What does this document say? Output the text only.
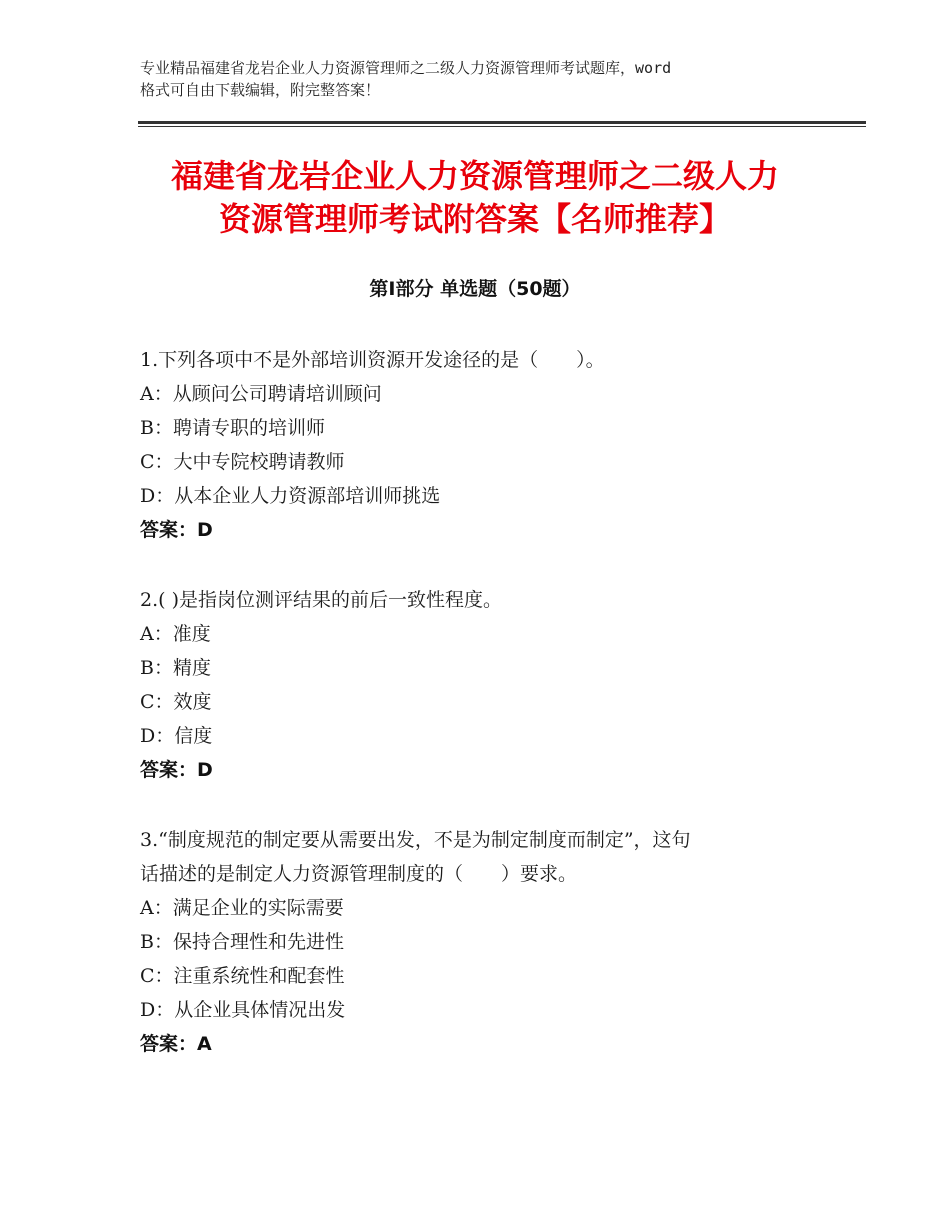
专业精品福建省龙岩企业人力资源管理师之二级人力资源管理师考试题库，word
格式可自由下载编辑，附完整答案！
福建省龙岩企业人力资源管理师之二级人力
资源管理师考试附答案【名师推荐】
第Ⅰ部分 单选题（50题）
1.下列各项中不是外部培训资源开发途径的是（　　）。
A：从顾问公司聘请培训顾问
B：聘请专职的培训师
C：大中专院校聘请教师
D：从本企业人力资源部培训师挑选
答案：D
2.( )是指岗位测评结果的前后一致性程度。
A：准度
B：精度
C：效度
D：信度
答案：D
3.“制度规范的制定要从需要出发，不是为制定制度而制定”，这句
话描述的是制定人力资源管理制度的（　　）要求。
A：满足企业的实际需要
B：保持合理性和先进性
C：注重系统性和配套性
D：从企业具体情况出发
答案：A
